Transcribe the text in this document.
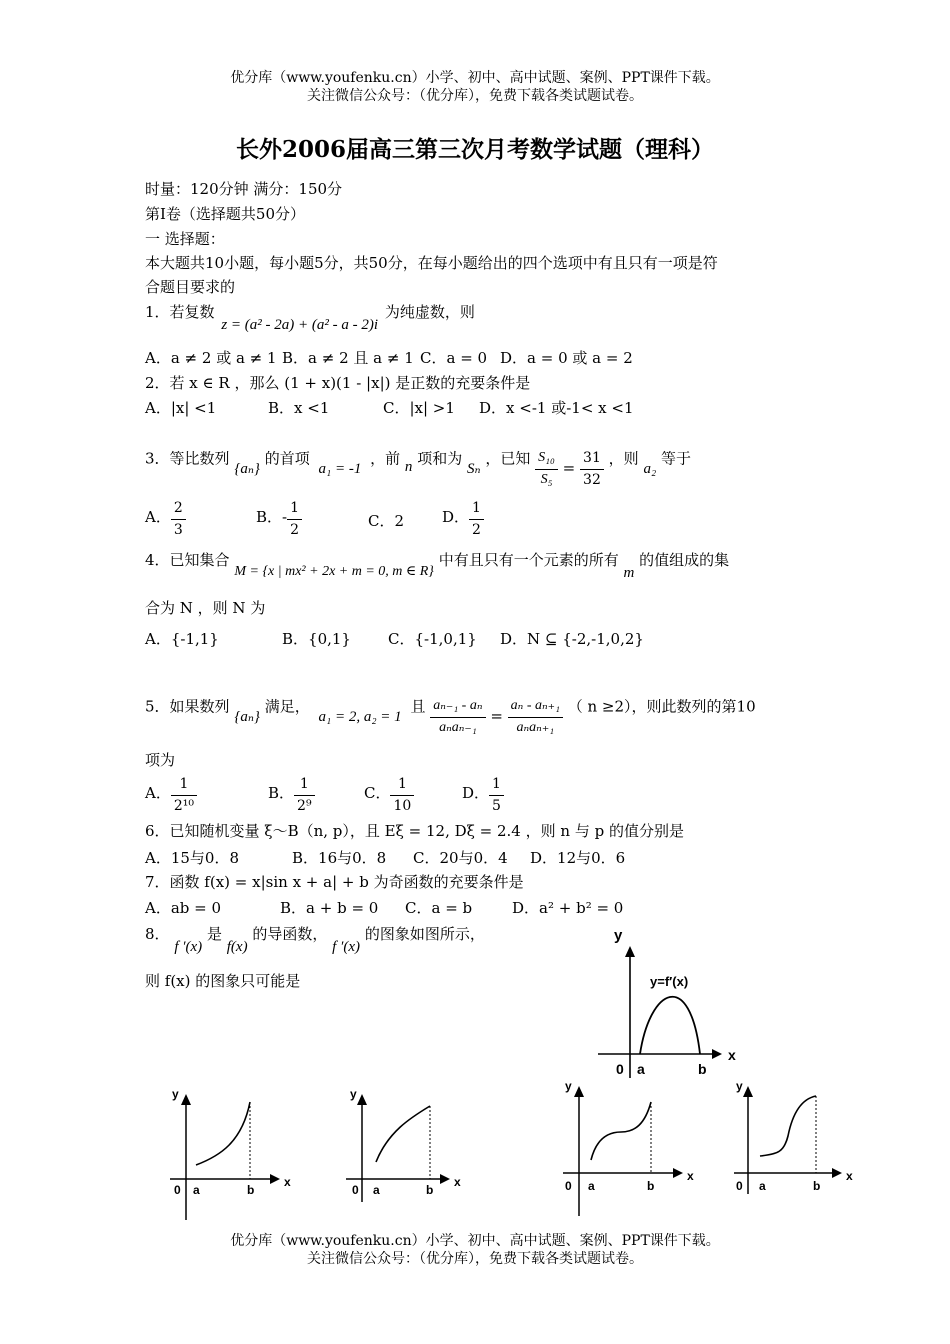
优分库（www.youfenku.cn）小学、初中、高中试题、案例、PPT课件下载。
关注微信公众号：（优分库），免费下载各类试题试卷。
长外2006届高三第三次月考数学试题（理科）
时量：120分钟 满分：150分
第Ⅰ卷（选择题共50分）
一 选择题：
本大题共10小题，每小题5分，共50分，在每小题给出的四个选项中有且只有一项是符
合题目要求的
1．若复数 z = (a² - 2a) + (a² - a - 2)i 为纯虚数，则
A．a ≠ 2 或 a ≠ 1 B．a ≠ 2 且 a ≠ 1 C．a = 0 D．a = 0 或 a = 2
2．若 x ∈ R ，那么 (1 + x)(1 - |x|) 是正数的充要条件是
A．|x| <1	B．x <1	C．|x| >1 D．x <-1 或-1< x <1
3．等比数列 {aₙ} 的首项 a₁ = -1 ，前 n 项和为 Sₙ ，已知 $\frac{\text{S₁₀}}{\text{S₅}} = \frac{31}{32}$ ，则 a₂ 等于
A． $\frac{2}{3}$	B．- $\frac{1}{2}$	C．2	D． $\frac{1}{2}$
4．已知集合 M = {x | mx² + 2x + m = 0, m ∈ R} 中有且只有一个元素的所有 m 的值组成的集
合为 N ，则 N 为
A．{-1,1}	B．{0,1} C．{-1,0,1} D．N ⊆ {-2,-1,0,2}
5．如果数列 {aₙ} 满足， a₁ = 2, a₂ = 1 且 $\frac{\text{aₙ₋₁ - aₙ}}{\text{aₙaₙ₋₁}} = \frac{\text{aₙ - aₙ₊₁}}{\text{aₙaₙ₊₁}}$ （ n ≥2），则此数列的第10
项为
A． $\frac{1}{\text{2¹⁰}}$	B． $\frac{1}{\text{2⁹}}$	C． $\frac{1}{10}$	D． $\frac{1}{5}$
6．已知随机变量 ξ～B（n, p），且 Eξ = 12, Dξ = 2.4 ，则 n 与 p 的值分别是
A．15与0．8	B．16与0．8 C．20与0．4 D．12与0．6
7．函数 f(x) = x|sin x + a| + b 为奇函数的充要条件是
A．ab = 0	B．a + b = 0 C．a = b	D．a² + b² = 0
8． f ′(x) 是 f(x) 的导函数， f ′(x) 的图象如图所示，
则 f(x) 的图象只可能是
y
x
0 a	b
y=f′(x)
y
x
0 a	b
y
x
0 a	b
y
x
0 a	b
y
x
0 a	b
优分库（www.youfenku.cn）小学、初中、高中试题、案例、PPT课件下载。
关注微信公众号：（优分库），免费下载各类试题试卷。
